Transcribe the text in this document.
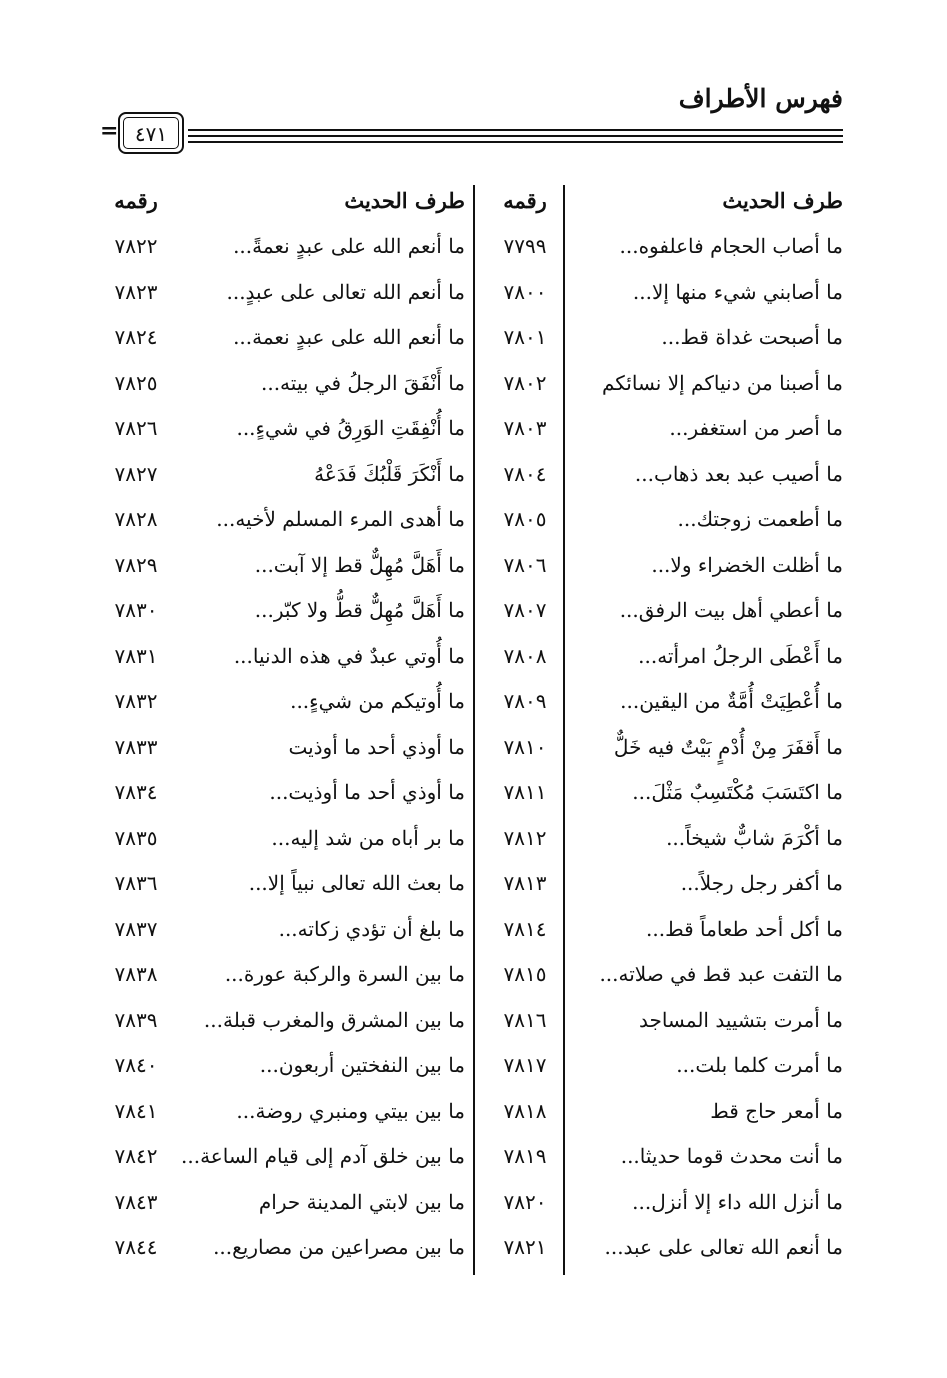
فهرس الأطراف
٤٧١
=
طرف الحديث
رقمه
طرف الحديث
رقمه
ما أصاب الحجام فاعلفوه...
٧٧٩٩
ما أصابني شيء منها إلا...
٧٨٠٠
ما أصبحت غداة قط...
٧٨٠١
ما أصبنا من دنياكم إلا نسائكم
٧٨٠٢
ما أصر من استغفر...
٧٨٠٣
ما أصيب عبد بعد ذهاب...
٧٨٠٤
ما أطعمت زوجتك...
٧٨٠٥
ما أظلت الخضراء ولا...
٧٨٠٦
ما أعطي أهل بيت الرفق...
٧٨٠٧
ما أَعْطَى الرجلُ امرأته...
٧٨٠٨
ما أُعْطِيَتْ أُمَّةٌ من اليقين...
٧٨٠٩
ما أَقفَرَ مِنْ أُدْمٍ بَيْتٌ فيه خَلٌّ
٧٨١٠
ما اكتَسَبَ مُكْتَسِبٌ مَثْلَ...
٧٨١١
ما أكْرَمَ شابٌّ شيخاً...
٧٨١٢
ما أكفر رجل رجلاً...
٧٨١٣
ما أكل أحد طعاماً قط...
٧٨١٤
ما التفت عبد قط في صلاته...
٧٨١٥
ما أمرت بتشييد المساجد
٧٨١٦
ما أمرت كلما بلت...
٧٨١٧
ما أمعر حاج قط
٧٨١٨
ما أنت محدث قوما حديثا...
٧٨١٩
ما أنزل الله داء إلا أنزل...
٧٨٢٠
ما أنعم الله تعالى على عبد...
٧٨٢١
ما أنعم الله على عبدٍ نعمةً...
٧٨٢٢
ما أنعم الله تعالى على عبدٍ...
٧٨٢٣
ما أنعم الله على عبدٍ نعمة...
٧٨٢٤
ما أَنْفَقَ الرجلُ في بيته...
٧٨٢٥
ما أُنْفِقَتِ الوَرِقُ في شيءٍ...
٧٨٢٦
ما أَنْكَرَ قَلْبُكَ فَدَعْهُ
٧٨٢٧
ما أهدى المرء المسلم لأخيه...
٧٨٢٨
ما أَهَلَّ مُهِلٌّ قط إلا آبت...
٧٨٢٩
ما أَهَلَّ مُهِلٌّ قطُّ ولا كبّر...
٧٨٣٠
ما أُوتي عبدٌ في هذه الدنيا...
٧٨٣١
ما أُوتيكم من شيءٍ...
٧٨٣٢
ما أوذي أحد ما أوذيت
٧٨٣٣
ما أوذي أحد ما أوذيت...
٧٨٣٤
ما بر أباه من شد إليه...
٧٨٣٥
ما بعث الله تعالى نبياً إلا...
٧٨٣٦
ما بلغ أن تؤدي زكاته...
٧٨٣٧
ما بين السرة والركبة عورة...
٧٨٣٨
ما بين المشرق والمغرب قبلة...
٧٨٣٩
ما بين النفختين أربعون...
٧٨٤٠
ما بين بيتي ومنبري روضة...
٧٨٤١
ما بين خلق آدم إلى قيام الساعة...
٧٨٤٢
ما بين لابتي المدينة حرام
٧٨٤٣
ما بين مصراعين من مصاريع...
٧٨٤٤
